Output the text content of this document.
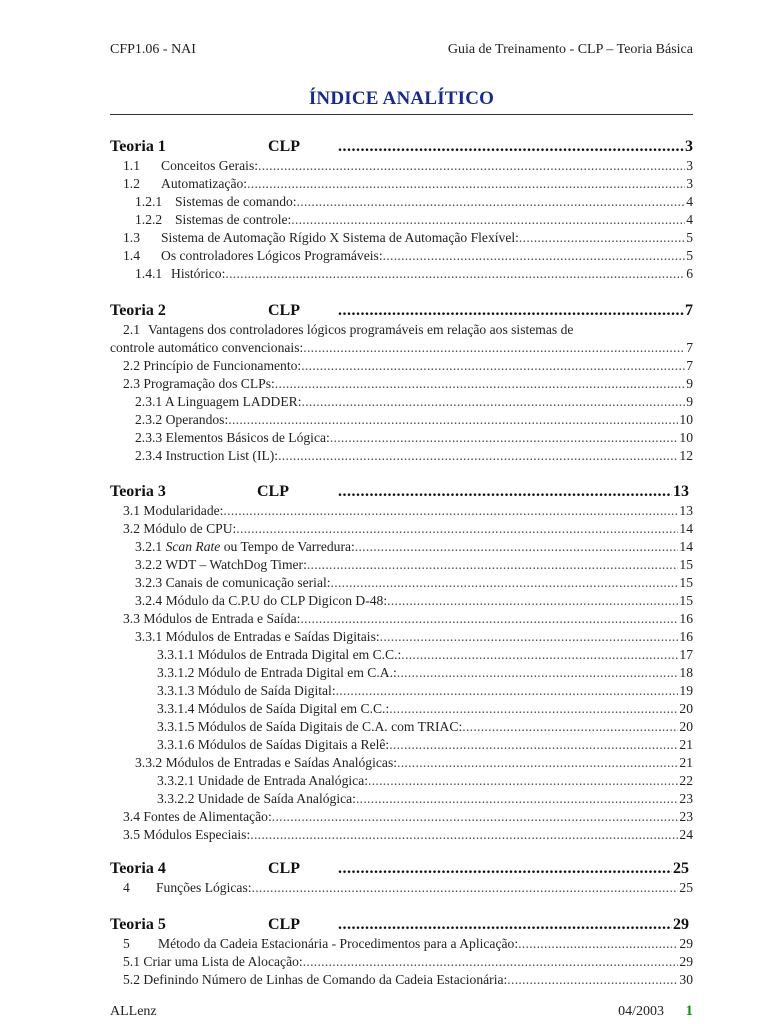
CFP1.06 - NAI	Guia de Treinamento - CLP – Teoria Básica
ÍNDICE ANALÍTICO
Teoria 1	CLP .....	3
1.1 Conceitos Gerais: .....	3
1.2 Automatização: .....	3
1.2.1 Sistemas de comando: .....	4
1.2.2 Sistemas de controle: .....	4
1.3 Sistema de Automação Rígido X Sistema de Automação Flexível: .....	5
1.4 Os controladores Lógicos Programáveis: .....	5
1.4.1 Histórico: .....	6
Teoria 2	CLP .....	7
2.1 Vantagens dos controladores lógicos programáveis em relação aos sistemas de
controle automático convencionais: .....	7
2.2 Princípio de Funcionamento: .....	7
2.3 Programação dos CLPs: .....	9
2.3.1 A Linguagem LADDER: .....	9
2.3.2 Operandos: .....	10
2.3.3 Elementos Básicos de Lógica: .....	10
2.3.4 Instruction List (IL): .....	12
Teoria 3	CLP .....	13
3.1 Modularidade: .....	13
3.2 Módulo de CPU: .....	14
3.2.1 Scan Rate ou Tempo de Varredura: .....	14
3.2.2 WDT – WatchDog Timer: .....	15
3.2.3 Canais de comunicação serial: .....	15
3.2.4 Módulo da C.P.U do CLP Digicon D-48: .....	15
3.3 Módulos de Entrada e Saída: .....	16
3.3.1 Módulos de Entradas e Saídas Digitais: .....	16
3.3.1.1 Módulos de Entrada Digital em C.C.: .....	17
3.3.1.2 Módulo de Entrada Digital em C.A.: .....	18
3.3.1.3 Módulo de Saída Digital: .....	19
3.3.1.4 Módulos de Saída Digital em C.C.: .....	20
3.3.1.5 Módulos de Saída Digitais de C.A. com TRIAC: .....	20
3.3.1.6 Módulos de Saídas Digitais a Relê: .....	21
3.3.2 Módulos de Entradas e Saídas Analógicas: .....	21
3.3.2.1 Unidade de Entrada Analógica: .....	22
3.3.2.2 Unidade de Saída Analógica: .....	23
3.4 Fontes de Alimentação: .....	23
3.5 Módulos Especiais: .....	24
Teoria 4	CLP .....	25
4 Funções Lógicas: .....	25
Teoria 5	CLP .....	29
5 Método da Cadeia Estacionária - Procedimentos para a Aplicação: .....	29
5.1 Criar uma Lista de Alocação: .....	29
5.2 Definindo Número de Linhas de Comando da Cadeia Estacionária: .....	30
ALLenz	04/2003 1
